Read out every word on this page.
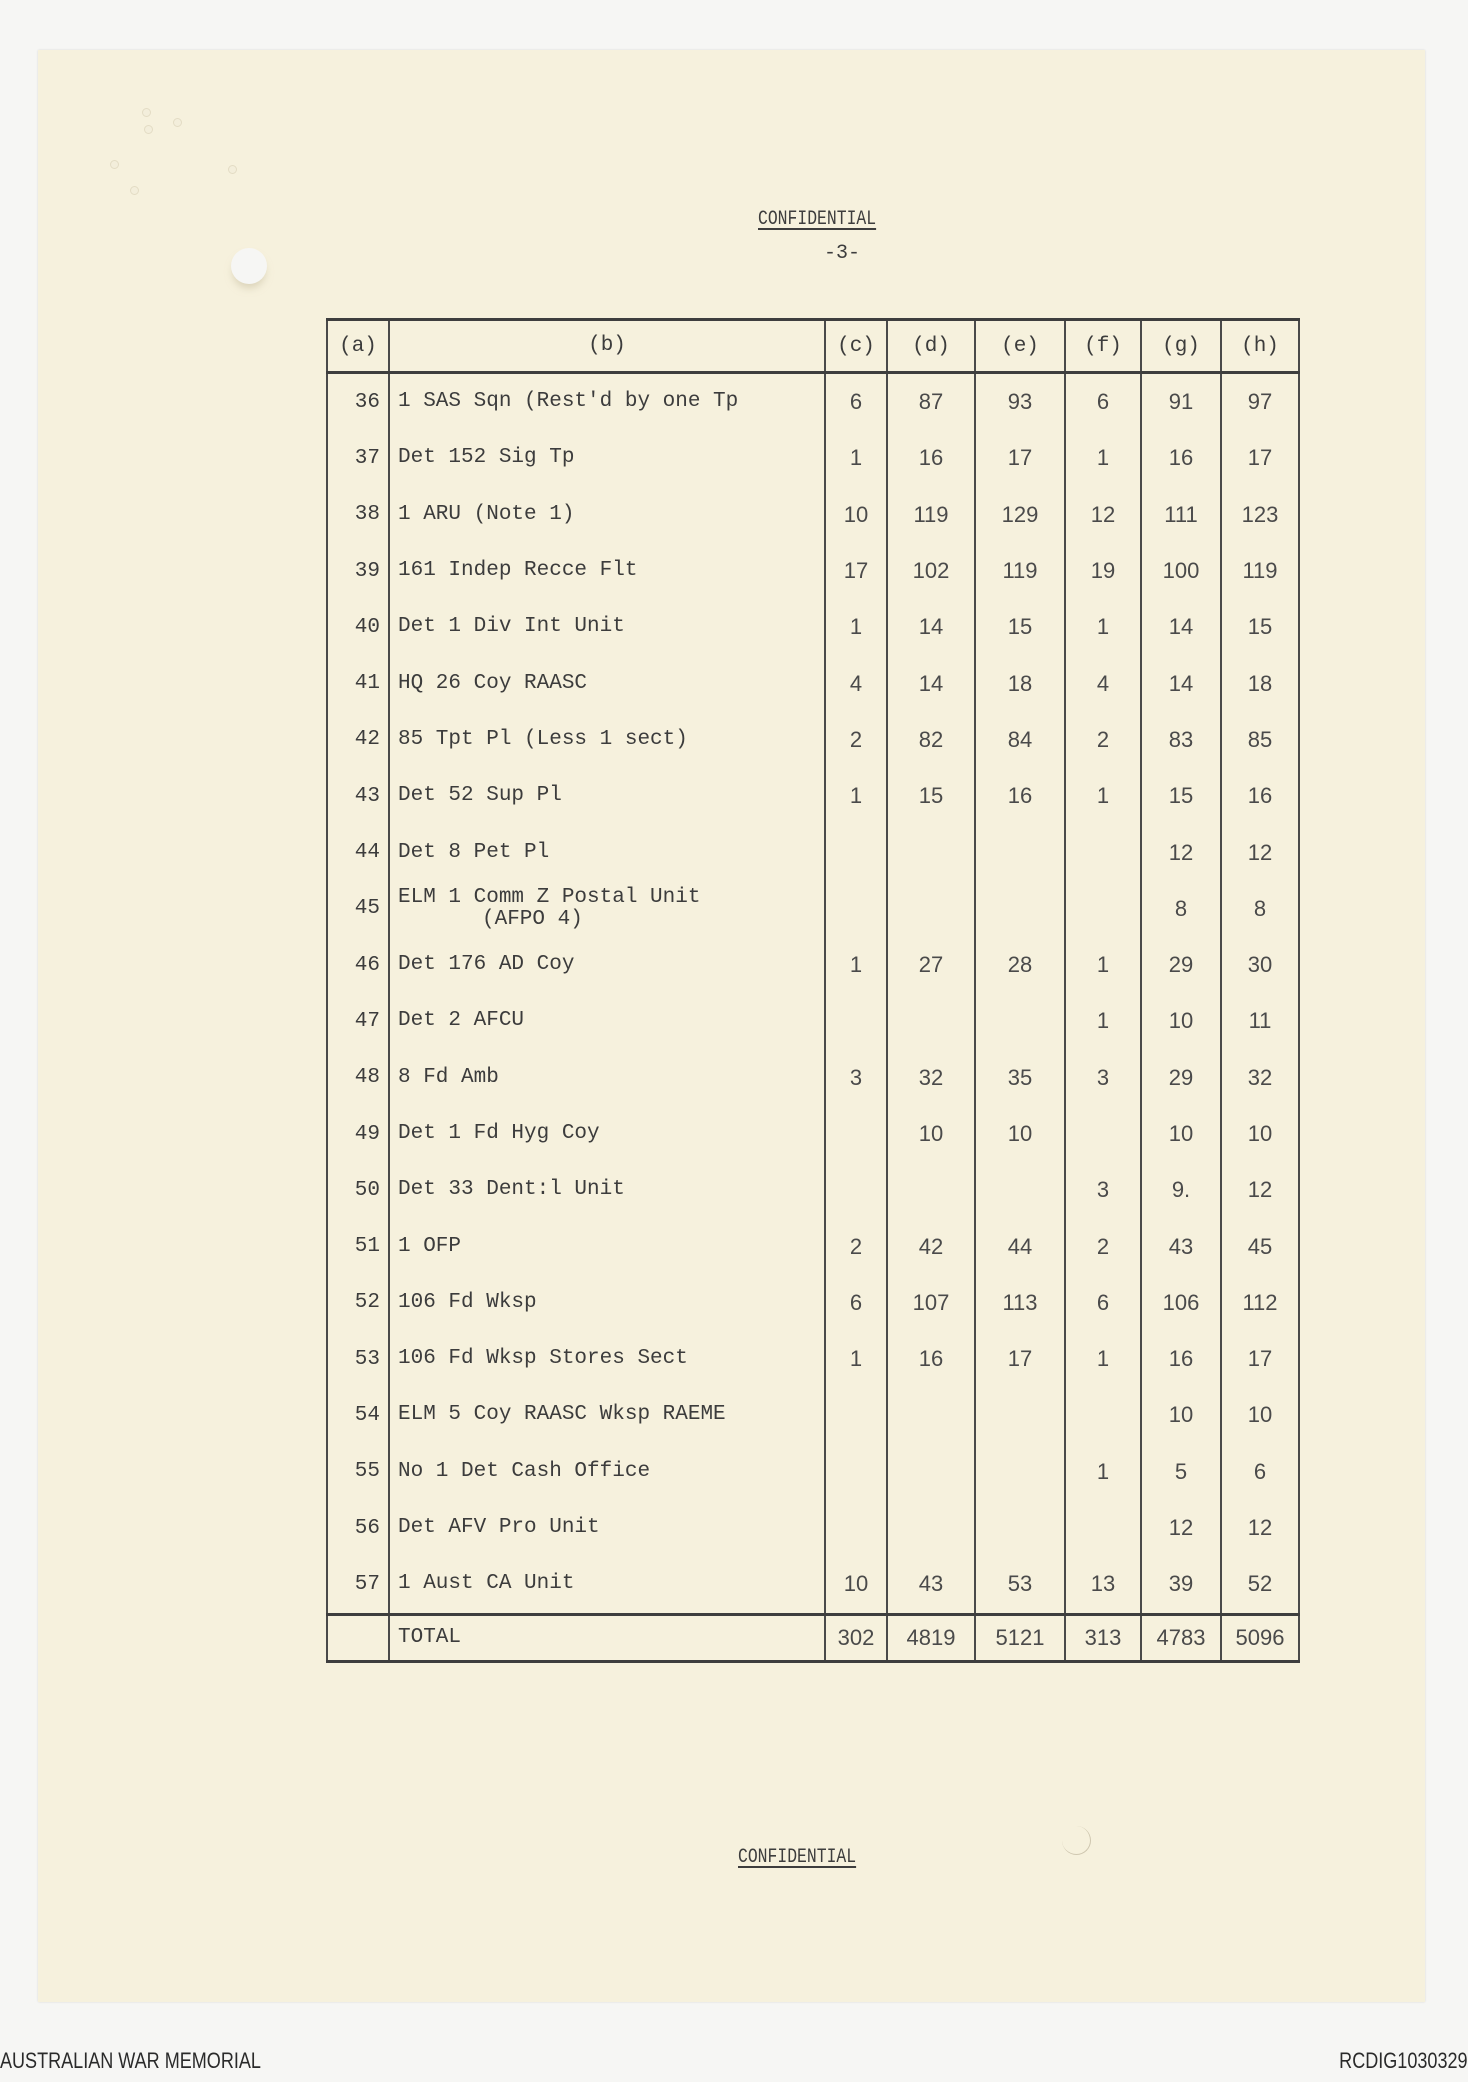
CONFIDENTIAL
-3-
(a)	(b)	(c)	(d)	(e)	(f)	(g)	(h)
36	1 SAS Sqn (Rest'd by one Tp	6	87	93	6	91	97
37	Det 152 Sig Tp	1	16	17	1	16	17
38	1 ARU (Note 1)	10	119	129	12	111	123
39	161 Indep Recce Flt	17	102	119	19	100	119
40	Det 1 Div Int Unit	1	14	15	1	14	15
41	HQ 26 Coy RAASC	4	14	18	4	14	18
42	85 Tpt Pl (Less 1 sect)	2	82	84	2	83	85
43	Det 52 Sup Pl	1	15	16	1	15	16
44	Det 8 Pet Pl					12	12
45	ELM 1 Comm Z Postal Unit
(AFPO 4)					8	8
46	Det 176 AD Coy	1	27	28	1	29	30
47	Det 2 AFCU				1	10	11
48	8 Fd Amb	3	32	35	3	29	32
49	Det 1 Fd Hyg Coy		10	10		10	10
50	Det 33 Dent:l Unit				3	9.	12
51	1 OFP	2	42	44	2	43	45
52	106 Fd Wksp	6	107	113	6	106	112
53	106 Fd Wksp Stores Sect	1	16	17	1	16	17
54	ELM 5 Coy RAASC Wksp RAEME					10	10
55	No 1 Det Cash Office				1	5	6
56	Det AFV Pro Unit					12	12
57	1 Aust CA Unit	10	43	53	13	39	52
	TOTAL	302	4819	5121	313	4783	5096
CONFIDENTIAL
AUSTRALIAN WAR MEMORIAL	RCDIG1030329
